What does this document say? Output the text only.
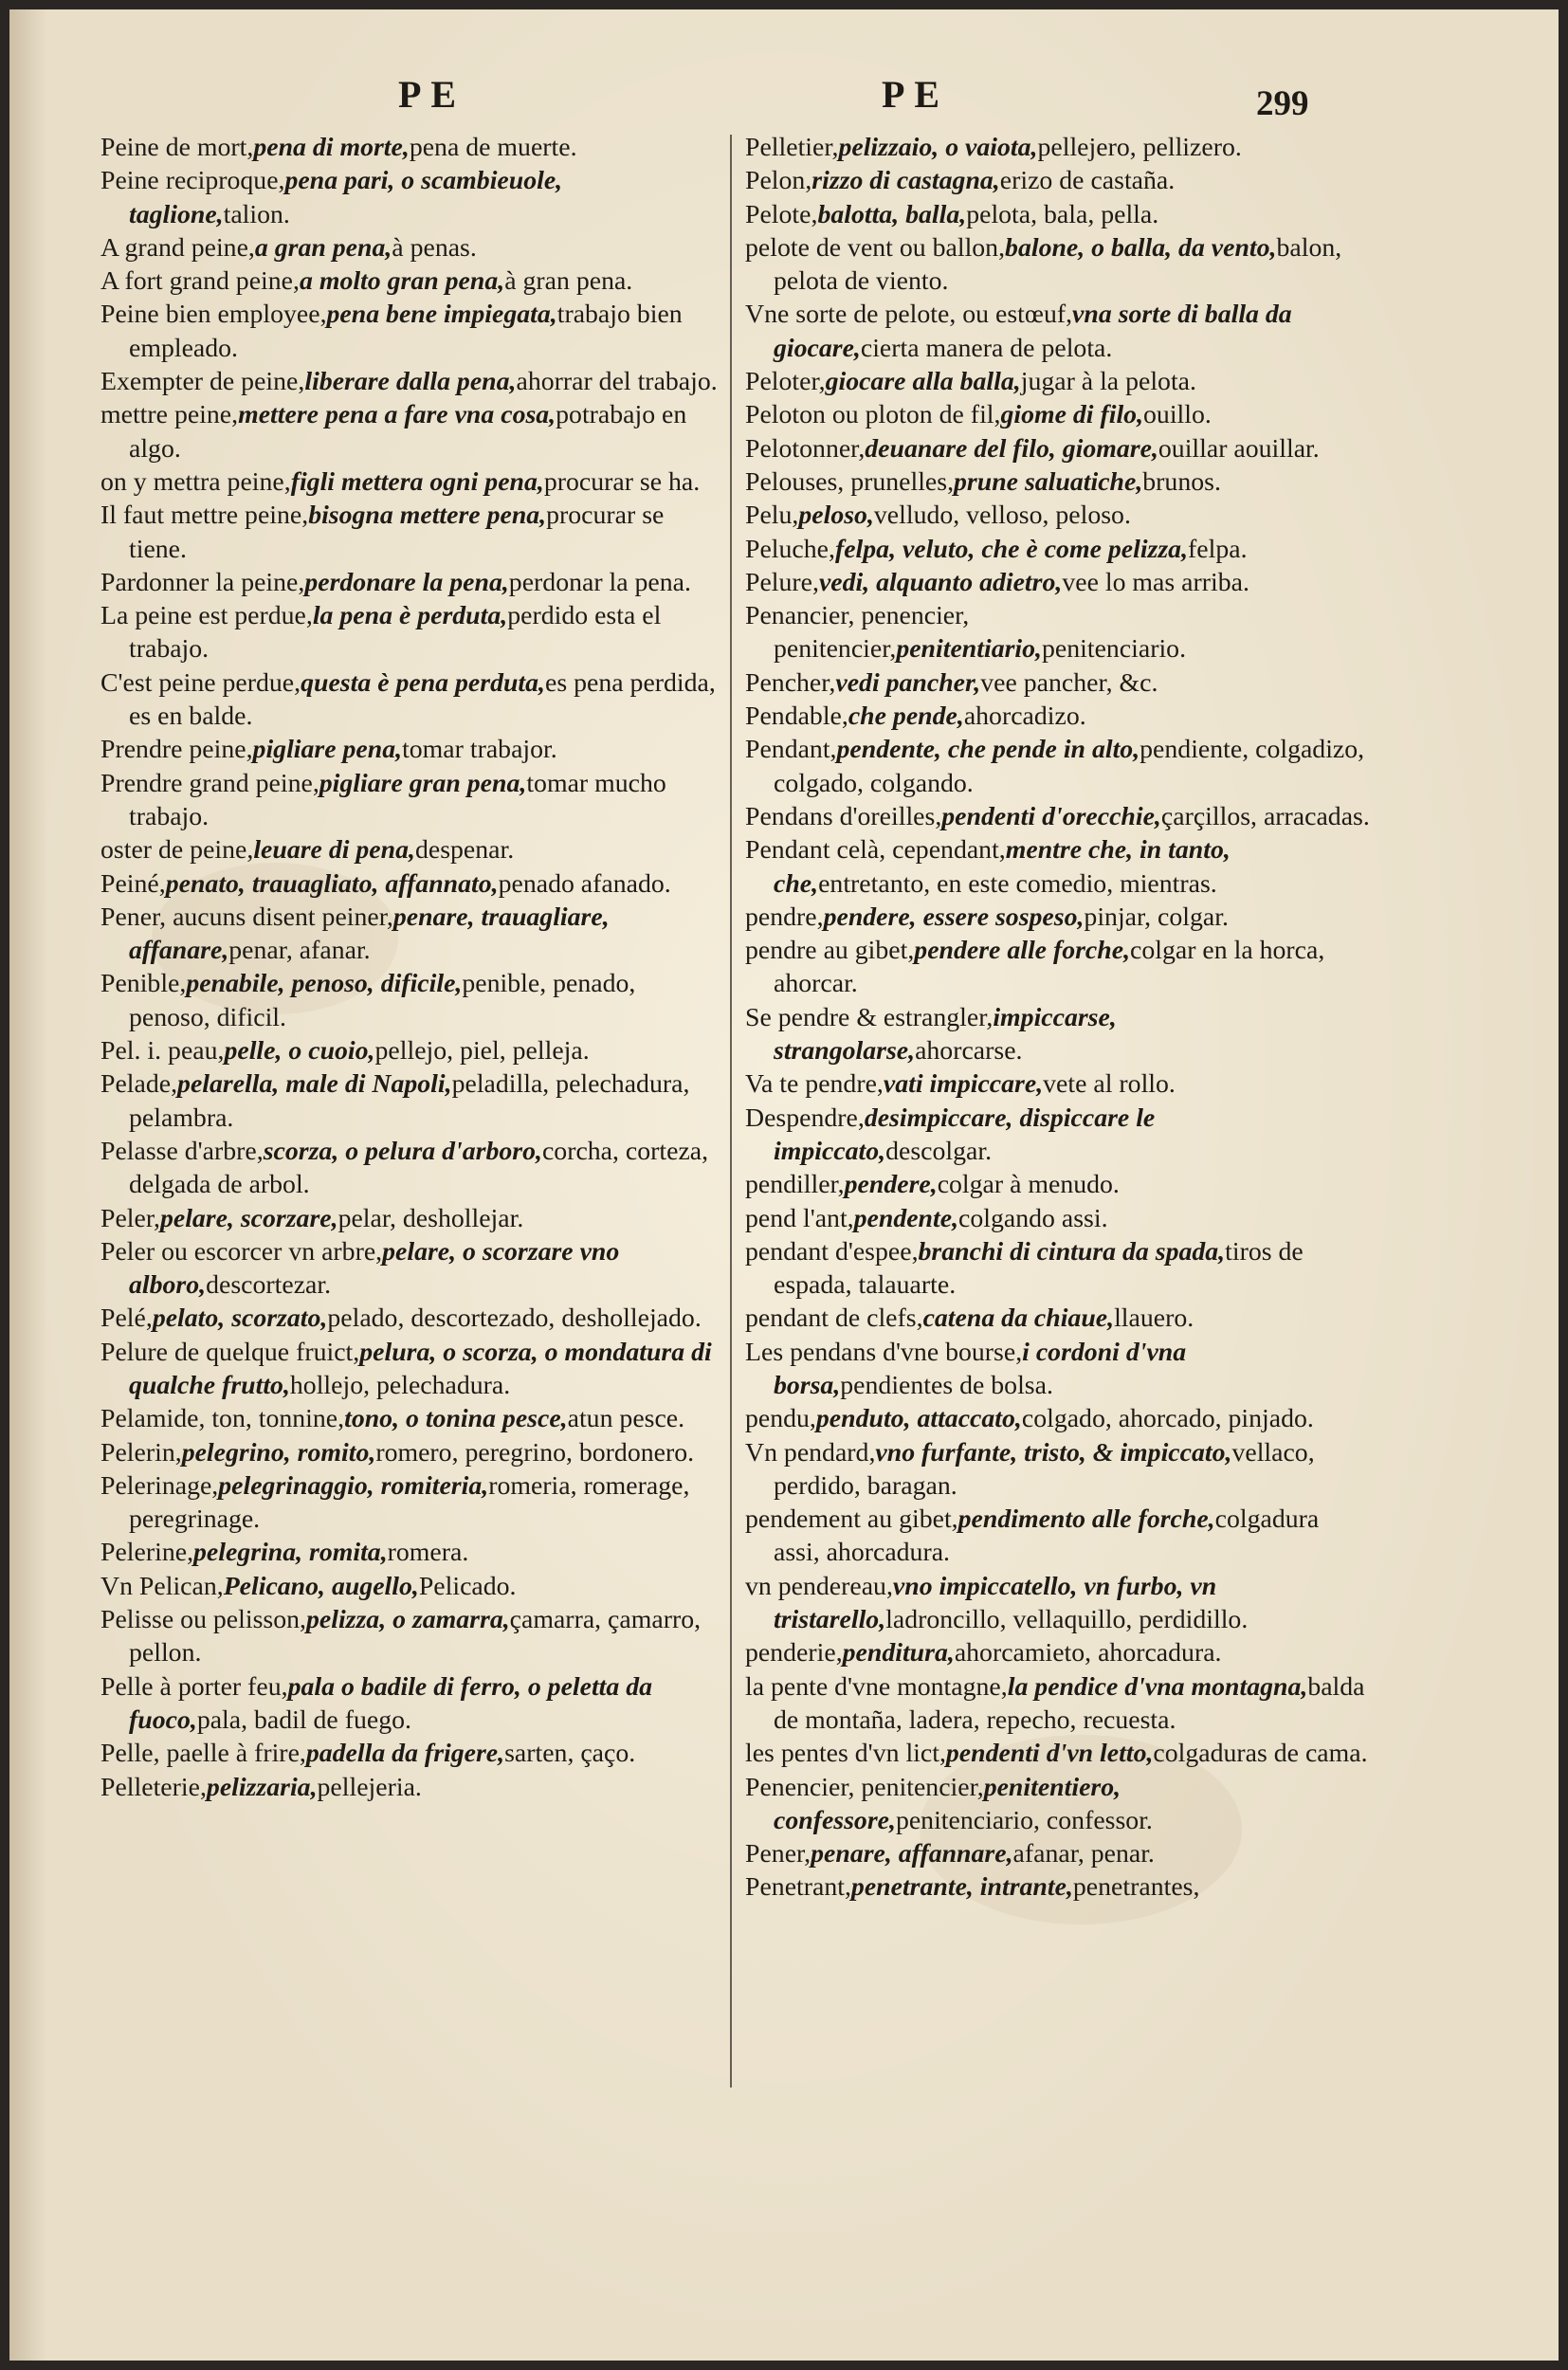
PE	PE	299

Peine de mort,pena di morte,pena de muerte.

Peine reciproque,pena pari, o scambieuole, taglione,talion.

A grand peine,a gran pena,à penas.

A fort grand peine,a molto gran pena,à gran pena.

Peine bien employee,pena bene impiegata,trabajo bien empleado.

Exempter de peine,liberare dalla pena,ahorrar del trabajo.

mettre peine,mettere pena a fare vna cosa,potrabajo en algo.

on y mettra peine,figli mettera ogni pena,procurar se ha.

Il faut mettre peine,bisogna mettere pena,procurar se tiene.

Pardonner la peine,perdonare la pena,perdonar la pena.

La peine est perdue,la pena è perduta,perdido esta el trabajo.

C'est peine perdue,questa è pena perduta,es pena perdida, es en balde.

Prendre peine,pigliare pena,tomar trabajor.

Prendre grand peine,pigliare gran pena,tomar mucho trabajo.

oster de peine,leuare di pena,despenar.

Peiné,penato, trauagliato, affannato,penado afanado.

Pener, aucuns disent peiner,penare, trauagliare, affanare,penar, afanar.

Penible,penabile, penoso, dificile,penible, penado, penoso, dificil.

Pel. i. peau,pelle, o cuoio,pellejo, piel, pelleja.

Pelade,pelarella, male di Napoli,peladilla, pelechadura, pelambra.

Pelasse d'arbre,scorza, o pelura d'arboro,corcha, corteza, delgada de arbol.

Peler,pelare, scorzare,pelar, deshollejar.

Peler ou escorcer vn arbre,pelare, o scorzare vno alboro,descortezar.

Pelé,pelato, scorzato,pelado, descortezado, deshollejado.

Pelure de quelque fruict,pelura, o scorza, o mondatura di qualche frutto,hollejo, pelechadura.

Pelamide, ton, tonnine,tono, o tonina pesce,atun pesce.

Pelerin,pelegrino, romito,romero, peregrino, bordonero.

Pelerinage,pelegrinaggio, romiteria,romeria, romerage, peregrinage.

Pelerine,pelegrina, romita,romera.

Vn Pelican,Pelicano, augello,Pelicado.

Pelisse ou pelisson,pelizza, o zamarra,çamarra, çamarro, pellon.

Pelle à porter feu,pala o badile di ferro, o peletta da fuoco,pala, badil de fuego.

Pelle, paelle à frire,padella da frigere,sarten, çaço.

Pelleterie,pelizzaria,pellejeria.

Pelletier,pelizzaio, o vaiota,pellejero, pellizero.

Pelon,rizzo di castagna,erizo de castaña.

Pelote,balotta, balla,pelota, bala, pella.

pelote de vent ou ballon,balone, o balla, da vento,balon, pelota de viento.

Vne sorte de pelote, ou estœuf,vna sorte di balla da giocare,cierta manera de pelota.

Peloter,giocare alla balla,jugar à la pelota.

Peloton ou ploton de fil,giome di filo,ouillo.

Pelotonner,deuanare del filo, giomare,ouillar aouillar.

Pelouses, prunelles,prune saluatiche,brunos.

Pelu,peloso,velludo, velloso, peloso.

Peluche,felpa, veluto, che è come pelizza,felpa.

Pelure,vedi, alquanto adietro,vee lo mas arriba.

Penancier, penencier, penitencier,penitentiario,penitenciario.

Pencher,vedi pancher,vee pancher, &c.

Pendable,che pende,ahorcadizo.

Pendant,pendente, che pende in alto,pendiente, colgadizo, colgado, colgando.

Pendans d'oreilles,pendenti d'orecchie,çarçillos, arracadas.

Pendant celà, cependant,mentre che, in tanto, che,entretanto, en este comedio, mientras.

pendre,pendere, essere sospeso,pinjar, colgar.

pendre au gibet,pendere alle forche,colgar en la horca, ahorcar.

Se pendre & estrangler,impiccarse, strangolarse,ahorcarse.

Va te pendre,vati impiccare,vete al rollo.

Despendre,desimpiccare, dispiccare le impiccato,descolgar.

pendiller,pendere,colgar à menudo.

pend l'ant,pendente,colgando assi.

pendant d'espee,branchi di cintura da spada,tiros de espada, talauarte.

pendant de clefs,catena da chiaue,llauero.

Les pendans d'vne bourse,i cordoni d'vna borsa,pendientes de bolsa.

pendu,penduto, attaccato,colgado, ahorcado, pinjado.

Vn pendard,vno furfante, tristo, & impiccato,vellaco, perdido, baragan.

pendement au gibet,pendimento alle forche,colgadura assi, ahorcadura.

vn pendereau,vno impiccatello, vn furbo, vn tristarello,ladroncillo, vellaquillo, perdidillo.

penderie,penditura,ahorcamieto, ahorcadura.

la pente d'vne montagne,la pendice d'vna montagna,balda de montaña, ladera, repecho, recuesta.

les pentes d'vn lict,pendenti d'vn letto,colgaduras de cama.

Penencier, penitencier,penitentiero, confessore,penitenciario, confessor.

Pener,penare, affannare,afanar, penar.

Penetrant,penetrante, intrante,penetrantes,
